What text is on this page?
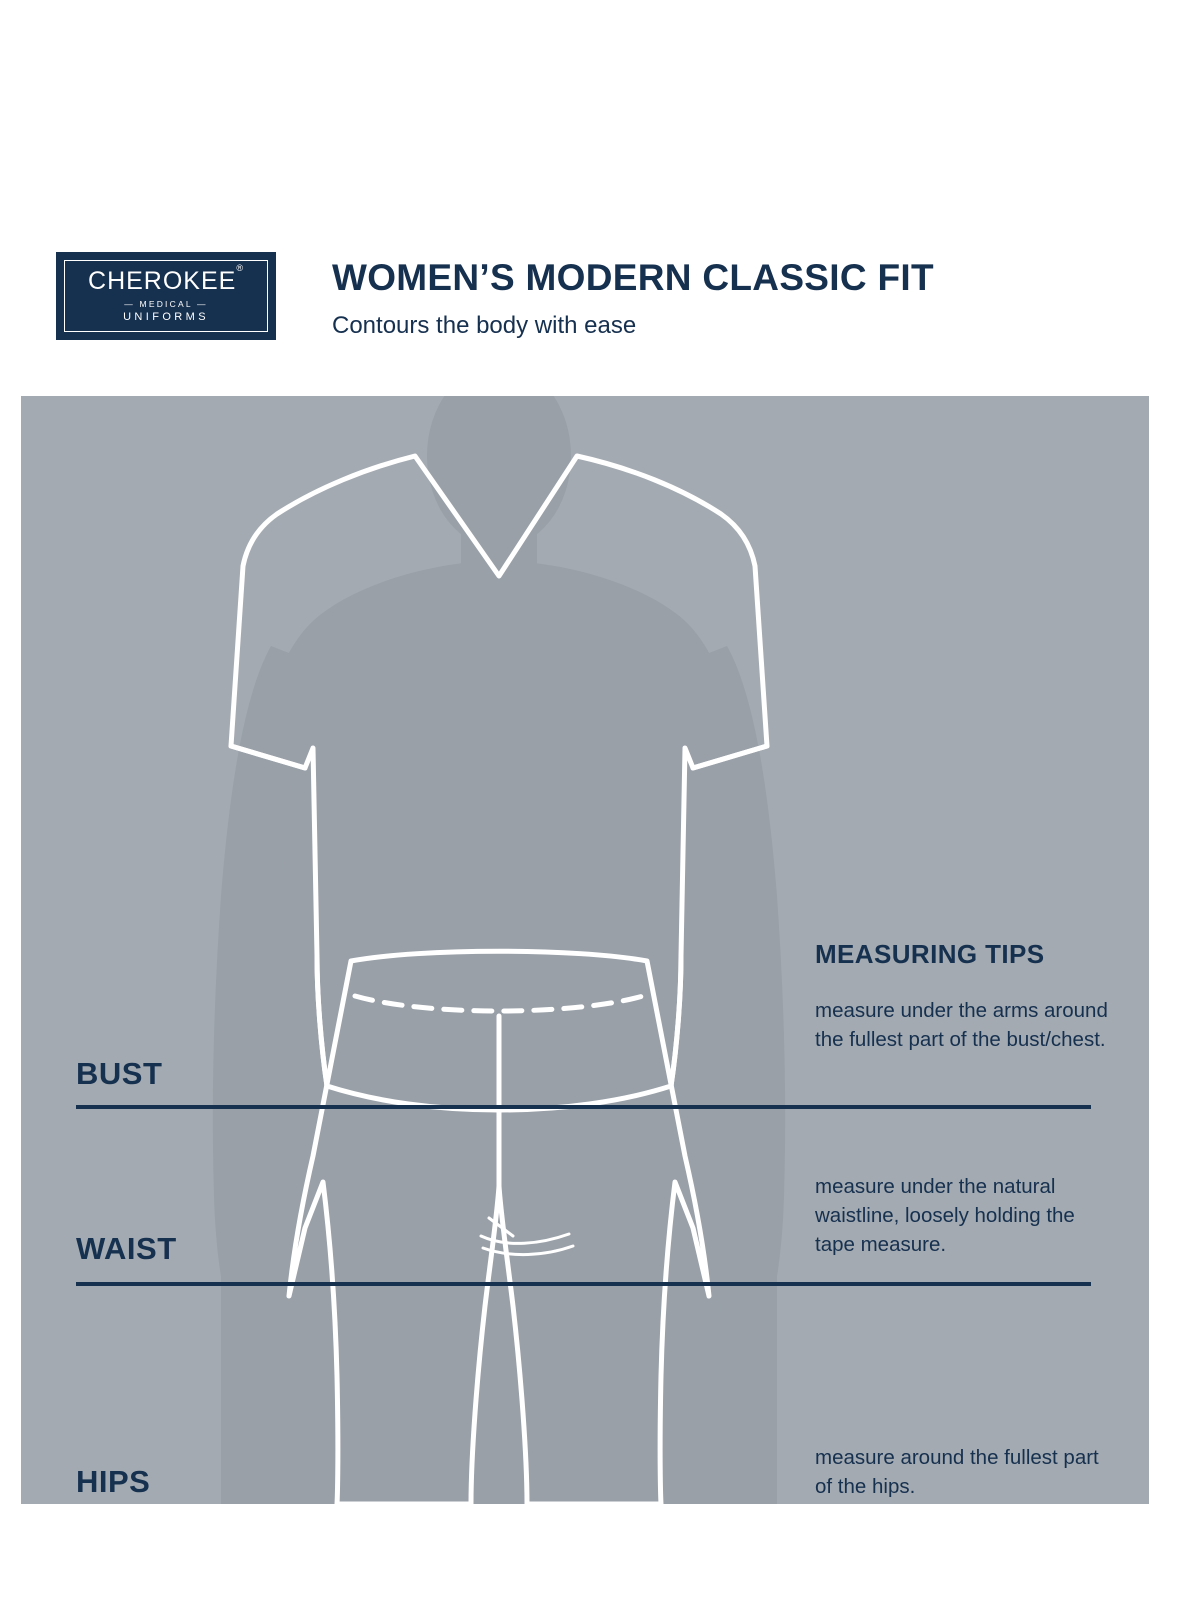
CHEROKEE®
— MEDICAL —
UNIFORMS
WOMEN’S MODERN CLASSIC FIT
Contours the body with ease
BUST
WAIST
HIPS
MEASURING TIPS
measure under the arms around the fullest part of the bust/chest.
measure under the natural waistline, loosely holding the tape measure.
measure around the fullest part of the hips.
